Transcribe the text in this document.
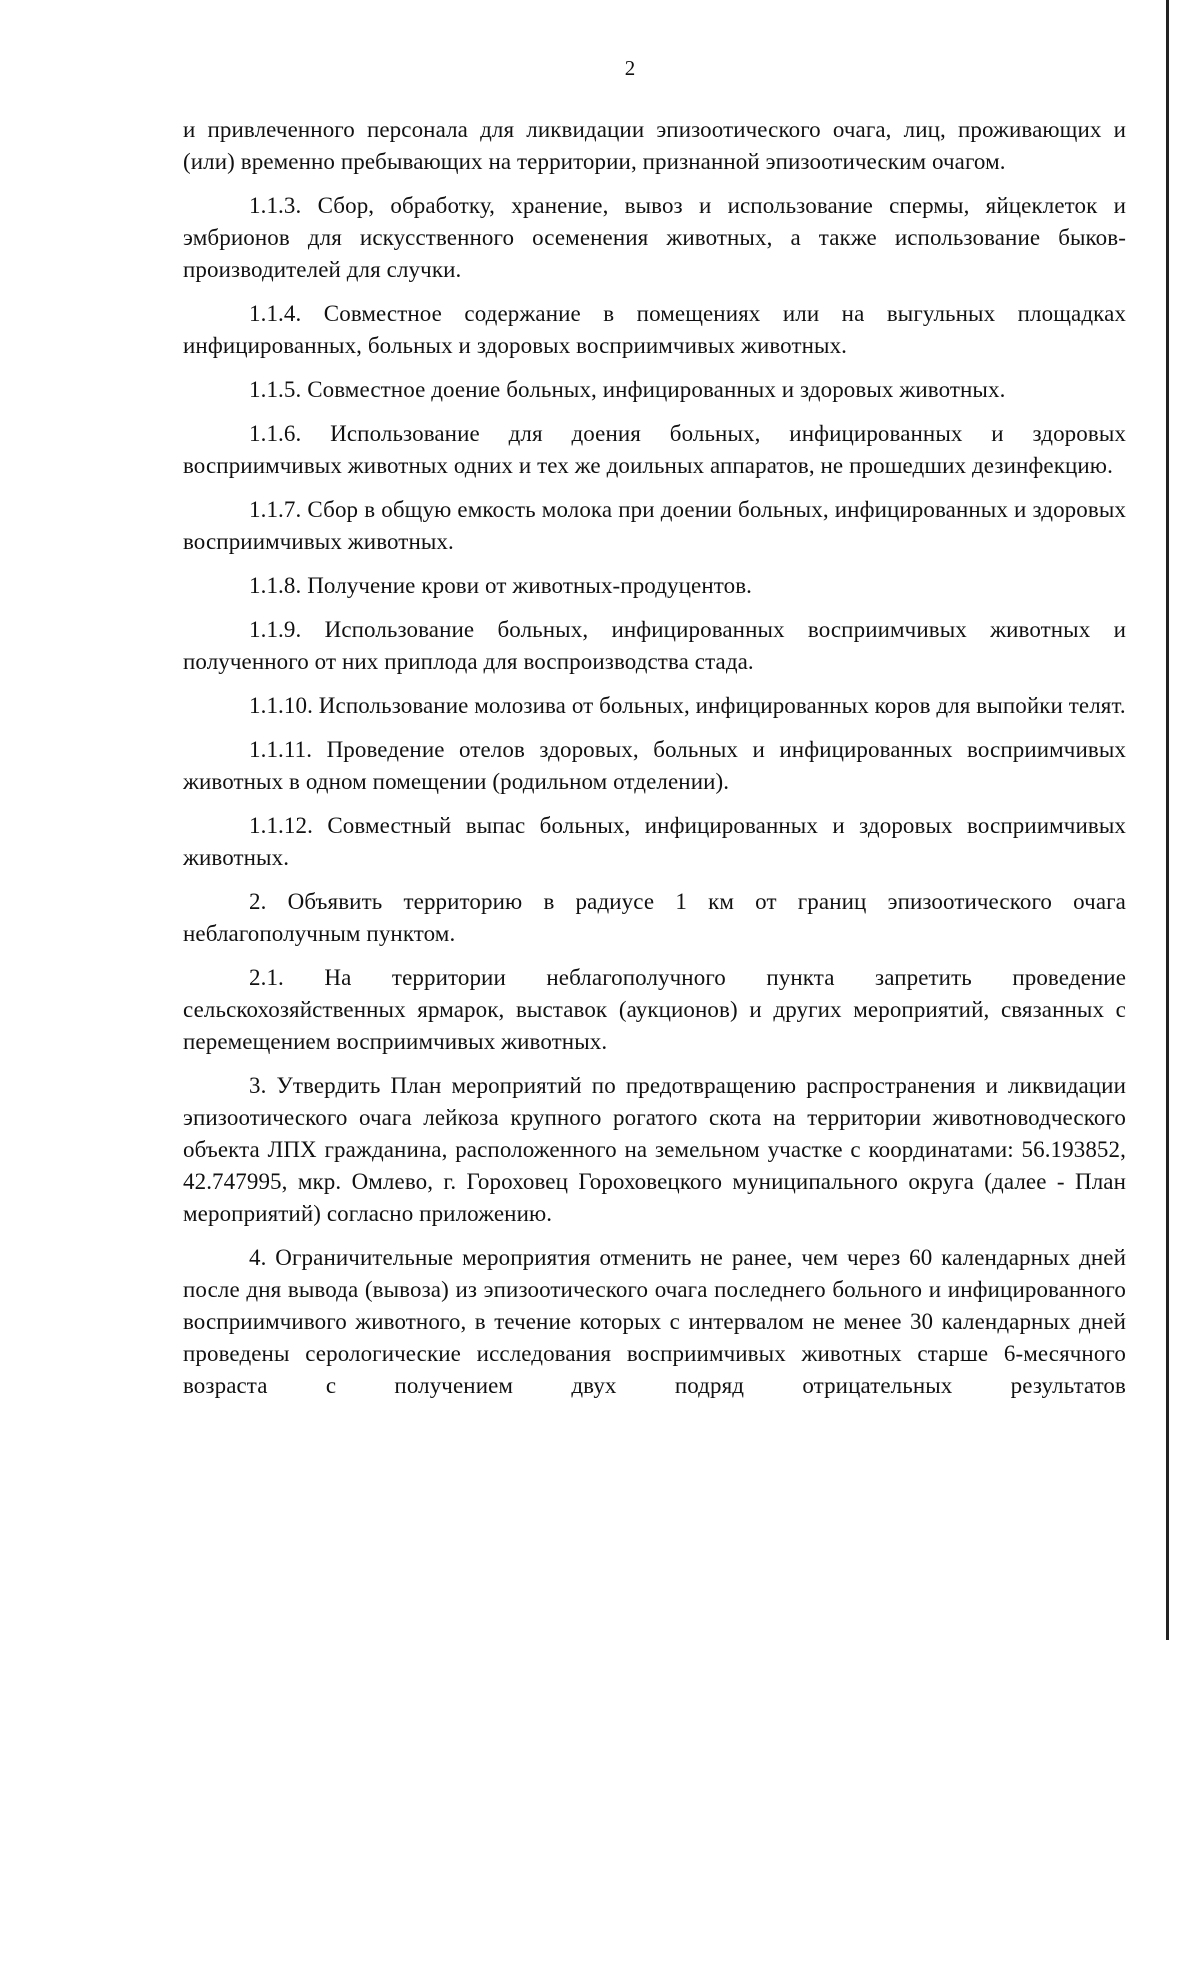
2

и привлеченного персонала для ликвидации эпизоотического очага, лиц, проживающих и (или) временно пребывающих на территории, признанной эпизоотическим очагом.

1.1.3. Сбор, обработку, хранение, вывоз и использование спермы, яйцеклеток и эмбрионов для искусственного осеменения животных, а также использование быков-производителей для случки.

1.1.4. Совместное содержание в помещениях или на выгульных площадках инфицированных, больных и здоровых восприимчивых животных.

1.1.5. Совместное доение больных, инфицированных и здоровых животных.

1.1.6. Использование для доения больных, инфицированных и здоровых восприимчивых животных одних и тех же доильных аппаратов, не прошедших дезинфекцию.

1.1.7. Сбор в общую емкость молока при доении больных, инфицированных и здоровых восприимчивых животных.

1.1.8. Получение крови от животных-продуцентов.

1.1.9. Использование больных, инфицированных восприимчивых животных и полученного от них приплода для воспроизводства стада.

1.1.10. Использование молозива от больных, инфицированных коров для выпойки телят.

1.1.11. Проведение отелов здоровых, больных и инфицированных восприимчивых животных в одном помещении (родильном отделении).

1.1.12. Совместный выпас больных, инфицированных и здоровых восприимчивых животных.

2. Объявить территорию в радиусе 1 км от границ эпизоотического очага неблагополучным пунктом.

2.1. На территории неблагополучного пункта запретить проведение сельскохозяйственных ярмарок, выставок (аукционов) и других мероприятий, связанных с перемещением восприимчивых животных.

3. Утвердить План мероприятий по предотвращению распространения и ликвидации эпизоотического очага лейкоза крупного рогатого скота на территории животноводческого объекта ЛПХ гражданина, расположенного на земельном участке с координатами: 56.193852, 42.747995, мкр. Омлево, г. Гороховец Гороховецкого муниципального округа (далее - План мероприятий) согласно приложению.

4. Ограничительные мероприятия отменить не ранее, чем через 60 календарных дней после дня вывода (вывоза) из эпизоотического очага последнего больного и инфицированного восприимчивого животного, в течение которых с интервалом не менее 30 календарных дней проведены серологические исследования восприимчивых животных старше 6-месячного возраста с получением двух подряд отрицательных результатов
